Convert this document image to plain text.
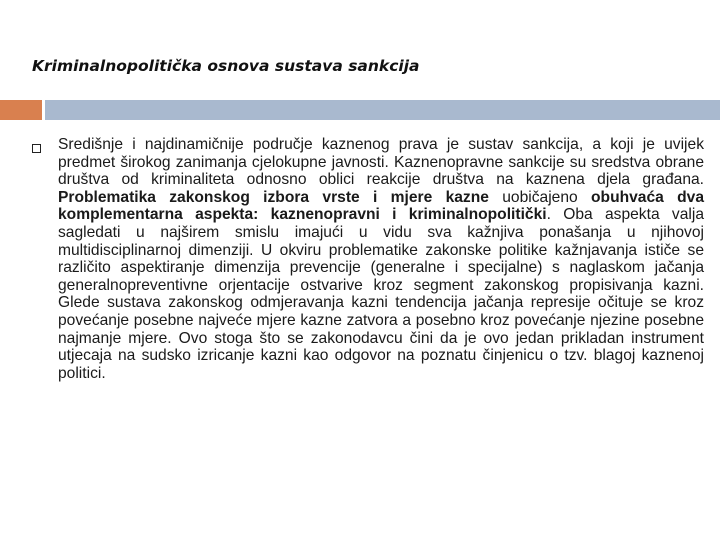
Kriminalnopolitička osnova sustava sankcija

Središnje i najdinamičnije područje kaznenog prava je sustav sankcija, a koji je uvijek predmet širokog zanimanja cjelokupne javnosti. Kaznenopravne sankcije su sredstva obrane društva od kriminaliteta odnosno oblici reakcije društva na kaznena djela građana. Problematika zakonskog izbora vrste i mjere kazne uobičajeno obuhvaća dva komplementarna aspekta: kaznenopravni i kriminalnopolitički. Oba aspekta valja sagledati u najširem smislu imajući u vidu sva kažnjiva ponašanja u njihovoj multidisciplinarnoj dimenziji. U okviru problematike zakonske politike kažnjavanja ističe se različito aspektiranje dimenzija prevencije (generalne i specijalne) s naglaskom jačanja generalnopreventivne orjentacije ostvarive kroz segment zakonskog propisivanja kazni. Glede sustava zakonskog odmjeravanja kazni tendencija jačanja represije očituje se kroz povećanje posebne najveće mjere kazne zatvora a posebno kroz povećanje njezine posebne najmanje mjere. Ovo stoga što se zakonodavcu čini da je ovo jedan prikladan instrument utjecaja na sudsko izricanje kazni kao odgovor na poznatu činjenicu o tzv. blagoj kaznenoj politici.
